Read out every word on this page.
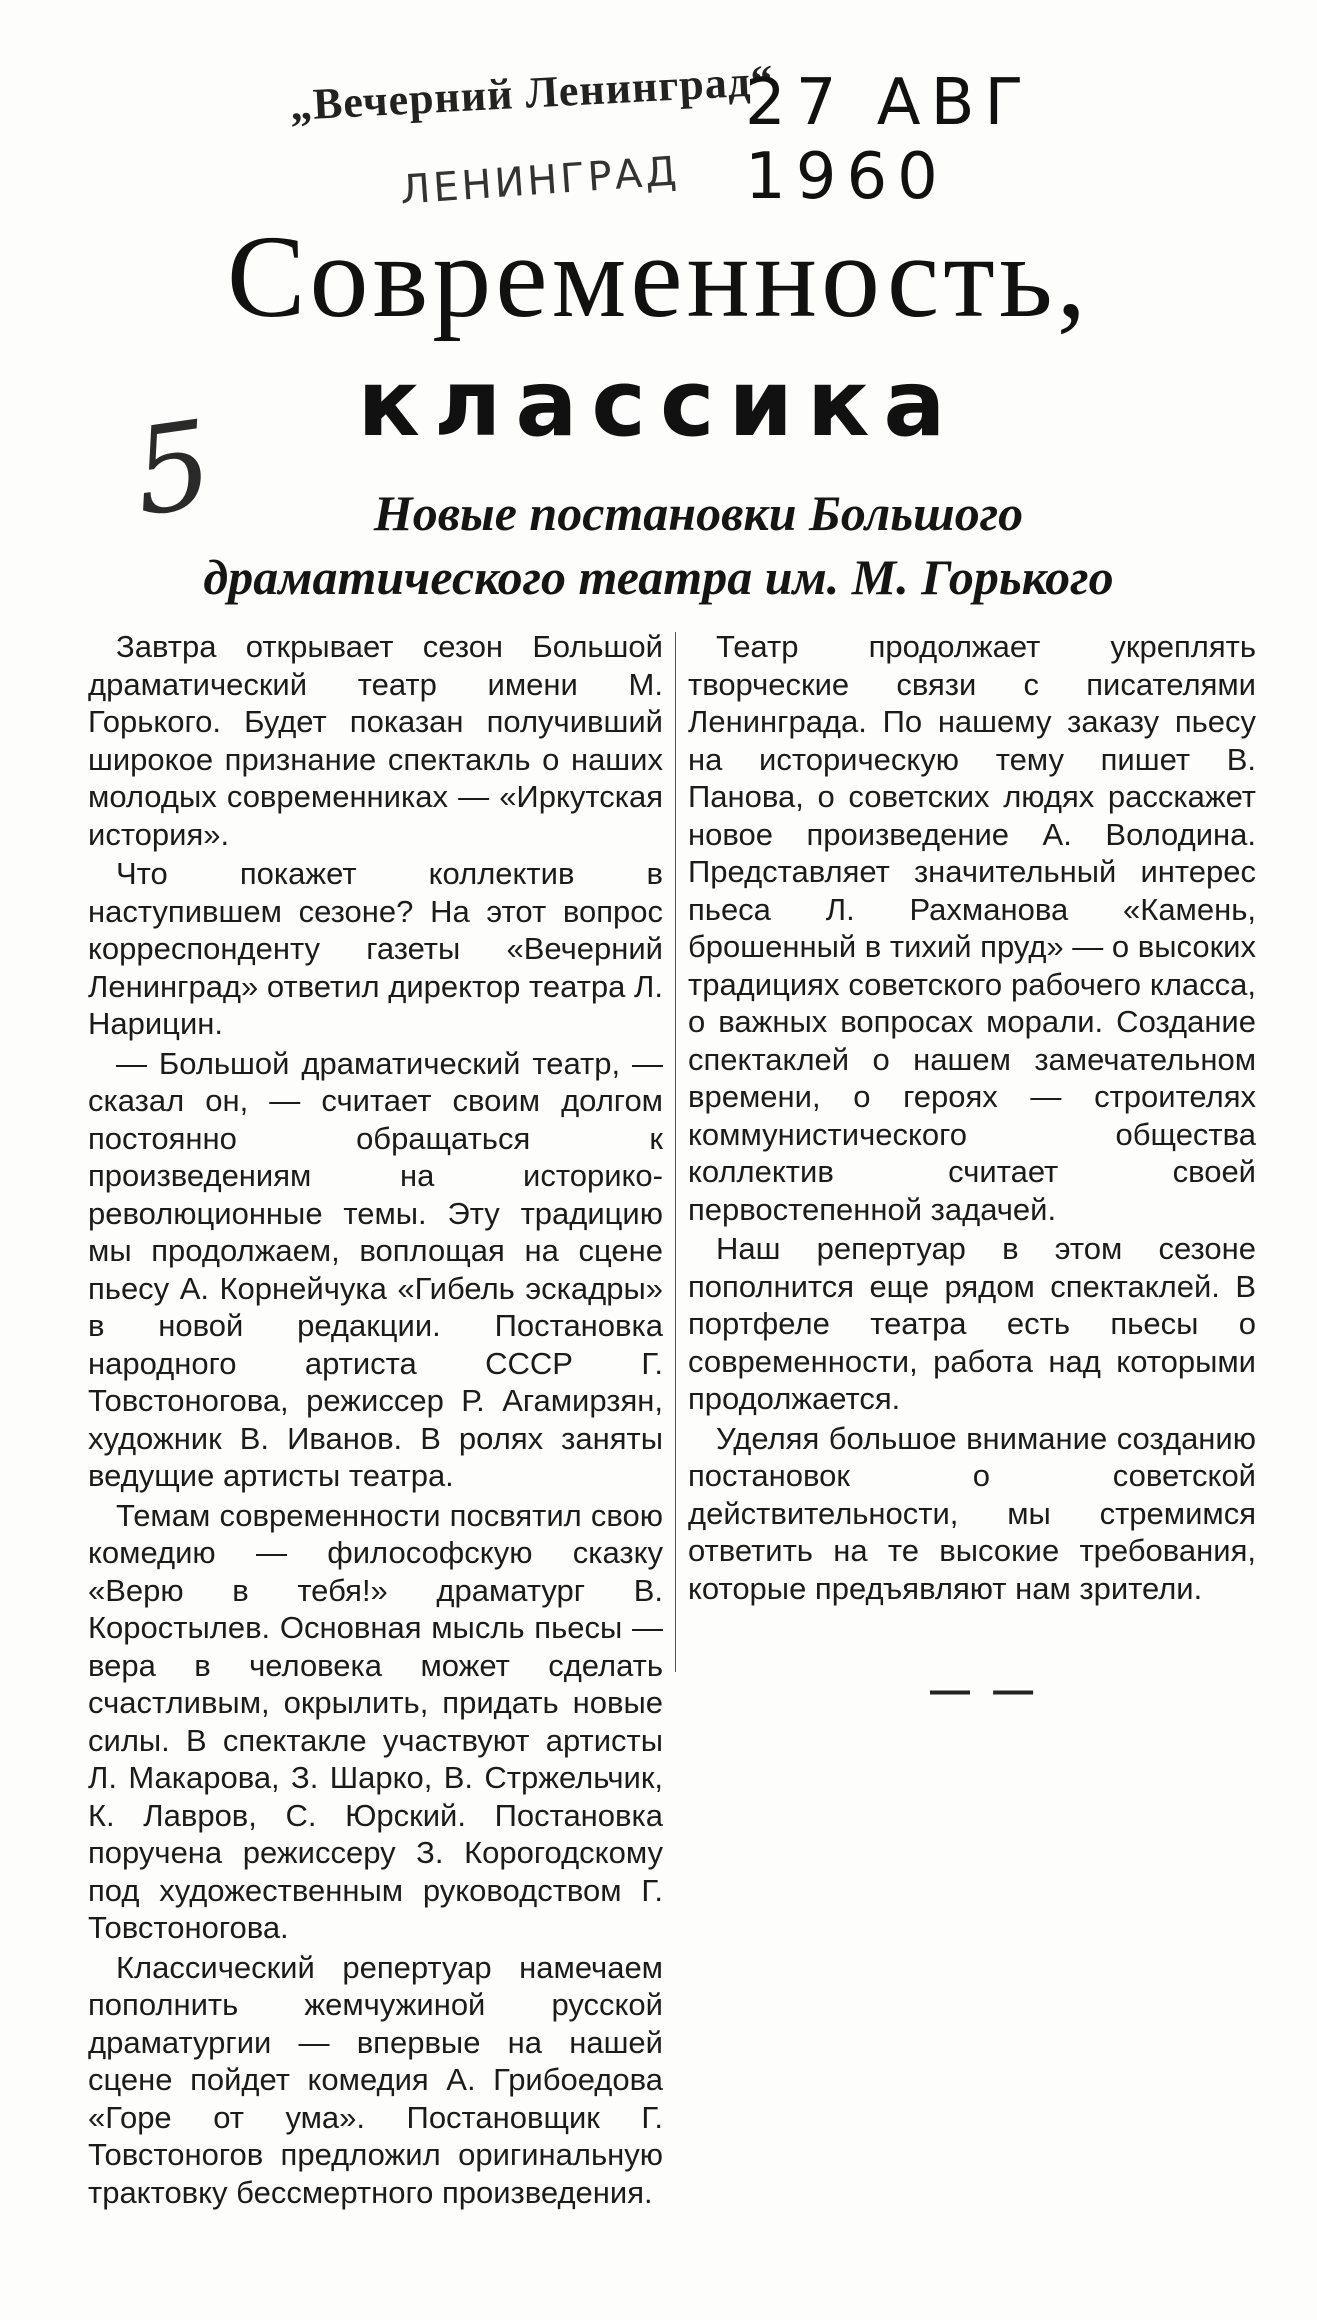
„Вечерний Ленинград“
27 АВГ 1960
ЛЕНИНГРАД
5
Современность,
классика
Новые постановки Большого
драматического театра им. М. Горького

Завтра открывает сезон Большой драматический театр имени М. Горького. Будет показан получивший широкое признание спектакль о наших молодых современниках — «Иркутская история».

Что покажет коллектив в наступившем сезоне? На этот вопрос корреспонденту газеты «Вечерний Ленинград» ответил директор театра Л. Нарицин.

— Большой драматический театр, — сказал он, — считает своим долгом постоянно обращаться к произведениям на историко-революционные темы. Эту традицию мы продолжаем, воплощая на сцене пьесу А. Корнейчука «Гибель эскадры» в новой редакции. Постановка народного артиста СССР Г. Товстоногова, режиссер Р. Агамирзян, художник В. Иванов. В ролях заняты ведущие артисты театра.

Темам современности посвятил свою комедию — философскую сказку «Верю в тебя!» драматург В. Коростылев. Основная мысль пьесы — вера в человека может сделать счастливым, окрылить, придать новые силы. В спектакле участвуют артисты Л. Макарова, З. Шарко, В. Стржельчик, К. Лавров, С. Юрский. Постановка поручена режиссеру З. Корогодскому под художественным руководством Г. Товстоногова.

Классический репертуар намечаем пополнить жемчужиной русской драматургии — впервые на нашей сцене пойдет комедия А. Грибоедова «Горе от ума». Постановщик Г. Товстоногов предложил оригинальную трактовку бессмертного произведения.

Театр продолжает укреплять творческие связи с писателями Ленинграда. По нашему заказу пьесу на историческую тему пишет В. Панова, о советских людях расскажет новое произведение А. Володина. Представляет значительный интерес пьеса Л. Рахманова «Камень, брошенный в тихий пруд» — о высоких традициях советского рабочего класса, о важных вопросах морали. Создание спектаклей о нашем замечательном времени, о героях — строителях коммунистического общества коллектив считает своей первостепенной задачей.

Наш репертуар в этом сезоне пополнится еще рядом спектаклей. В портфеле театра есть пьесы о современности, работа над которыми продолжается.

Уделяя большое внимание созданию постановок о советской действительности, мы стремимся ответить на те высокие требования, которые предъявляют нам зрители.

— —
